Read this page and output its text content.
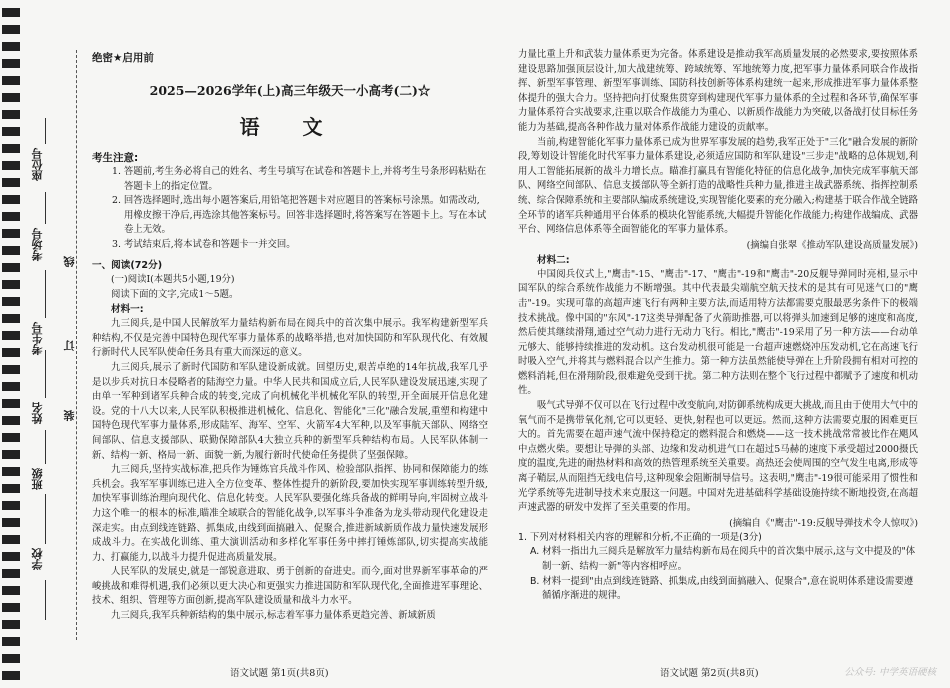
座位号
考场号
考生号
姓名
班级
学校
线
订
装
绝密★启用前
2025—2026学年(上)高三年级天一小高考(二)☆
语 文
考生注意:
1. 答题前,考生务必将自己的姓名、考生号填写在试卷和答题卡上,并将考生号条形码粘贴在答题卡上的指定位置。
2. 回答选择题时,选出每小题答案后,用铅笔把答题卡对应题目的答案标号涂黑。如需改动,用橡皮擦干净后,再选涂其他答案标号。回答非选择题时,将答案写在答题卡上。写在本试卷上无效。
3. 考试结束后,将本试卷和答题卡一并交回。
一、阅读(72分)
(一)阅读Ⅰ(本题共5小题,19分)
阅读下面的文字,完成1～5题。
材料一:
九三阅兵,是中国人民解放军力量结构新布局在阅兵中的首次集中展示。我军构建新型军兵种结构,不仅是完善中国特色现代军事力量体系的战略举措,也对加快国防和军队现代化、有效履行新时代人民军队使命任务具有重大而深远的意义。
九三阅兵,展示了新时代国防和军队建设新成就。回望历史,艰苦卓绝的14年抗战,我军几乎是以步兵对抗日本侵略者的陆海空力量。中华人民共和国成立后,人民军队建设发展迅速,实现了由单一军种到诸军兵种合成的转变,完成了向机械化半机械化军队的转型,开全面展开信息化建设。党的十八大以来,人民军队积极推进机械化、信息化、智能化"三化"融合发展,重塑和构建中国特色现代军事力量体系,形成陆军、海军、空军、火箭军4大军种,以及军事航天部队、网络空间部队、信息支援部队、联勤保障部队4大独立兵种的新型军兵种结构布局。人民军队体制一新、结构一新、格局一新、面貌一新,为履行新时代使命任务提供了坚强保障。
九三阅兵,坚持实战标准,把兵作为锤炼官兵战斗作风、检验部队指挥、协同和保障能力的练兵机会。我军军事训练已进入全方位变革、整体性提升的新阶段,要加快实现军事训练转型升级,加快军事训练治理向现代化、信息化转变。人民军队要强化练兵备战的鲜明导向,牢固树立战斗力这个唯一的根本的标准,瞄准全域联合的智能化战争,以军事斗争准备为龙头带动现代化建设走深走实。由点到线连链路、抓集成,由线到面搞融入、促聚合,推进新域新质作战力量快速发展形成战斗力。在实战化训练、重大演训活动和多样化军事任务中摔打锤炼部队,切实提高实战能力、打赢能力,以战斗力提升促进高质量发展。
人民军队的发展史,就是一部锐意进取、勇于创新的奋进史。而今,面对世界新军事革命的严峻挑战和难得机遇,我们必须以更大决心和更强实力推进国防和军队现代化,全面推进军事理论、技术、组织、管理等方面创新,提高军队建设质量和战斗力水平。
九三阅兵,我军兵种新结构的集中展示,标志着军事力量体系更趋完善、新域新质
语文试题 第1页(共8页)
力量比重上升和武装力量体系更为完备。体系建设是推动我军高质量发展的必然要求,要按照体系建设思路加强顶层设计,加大战建统筹、跨域统筹、军地统筹力度,把军事力量体系同联合作战指挥、新型军事管理、新型军事训练、国防科技创新等体系构建统一起来,形成推进军事力量体系整体提升的强大合力。坚持把向打仗聚焦贯穿到构建现代军事力量体系的全过程和各环节,确保军事力量体系符合实战要求,注重以联合作战能力为重心、以新质作战能力为突破,以备战打仗目标任务能力为基础,提高各种作战力量对体系作战能力建设的贡献率。
当前,构建智能化军事力量体系已成为世界军事发展的趋势,我军正处于"三化"融合发展的新阶段,筹划设计智能化时代军事力量体系建设,必须适应国防和军队建设"三步走"战略的总体规划,利用人工智能拓展新的战斗力增长点。瞄准打赢具有智能化特征的信息化战争,加快完成军事航天部队、网络空间部队、信息支援部队等全新打造的战略性兵种力量,推进主战武器系统、指挥控制系统、综合保障系统和主要部队编成系统建设,实现智能化要素的充分融入;构建基于联合作战全链路全环节的诸军兵种通用平台体系的模块化智能系统,大幅提升智能化作战能力;构建作战编成、武器平台、网络信息体系等全面智能化的军事力量体系。
(摘编自张翠《推动军队建设高质量发展》)
材料二:
中国阅兵仪式上,"鹰击"-15、"鹰击"-17、"鹰击"-19和"鹰击"-20反舰导弹同时亮相,显示中国军队的综合系统作战能力不断增强。其中代表最尖端航空航天技术的是其有可见迷气口的"鹰击"-19。实现可靠的高超声速飞行有两种主要方法,而适用特方法都需要克服最恶劣条件下的极端技术挑战。像中国的"东风"-17这类导弹配备了火箭助推器,可以将弹头加速到足够的速度和高度,然后使其继续滑翔,通过空气动力进行无动力飞行。相比,"鹰击"-19采用了另一种方法——台动单元够大、能够持续推进的发动机。这台发动机很可能是一台超声速燃烧冲压发动机,它在高速飞行时吸入空气,并将其与燃料混合以产生推力。第一种方法虽然能使导弹在上升阶段拥有相对可控的燃料消耗,但在滑翔阶段,很难避免受到干扰。第二种方法则在整个飞行过程中都赋予了速度和机动性。
吸气式导弹不仅可以在飞行过程中改变航向,对防御系统构成更大挑战,而且由于使用大气中的氧气而不是携带氧化剂,它可以更轻、更快,射程也可以更远。然而,这种方法需要克服的困难更巨大的。首先需要在超声速气流中保持稳定的燃料混合和燃烧——这一技术挑战常常被比作在飓风中点燃火柴。要想让导弹的头部、边缘和发动机进气口在超过5马赫的速度下承受超过2000摄氏度的温度,先进的耐热材料和高效的热管理系统至关重要。高热还会使周围的空气发生电离,形成等离子鞘层,从而阻挡无线电信号,这种现象会阻断制导信号。这表明,"鹰击"-19很可能采用了惯性和光学系统等先进制导技术来克服这一问题。中国对先进基础科学基础设施持续不断地投资,在高超声速武器的研发中发挥了至关重要的作用。
(摘编自《"鹰击"-19:反舰导弹技术令人惊叹》)
1. 下列对材料相关内容的理解和分析,不正确的一项是(3分)
A. 材料一指出九三阅兵是解放军力量结构新布局在阅兵中的首次集中展示,这与文中提及的"体制一新、结构一新"等内容相呼应。
B. 材料一提到"由点到线连链路、抓集成,由线到面搞融入、促聚合",意在说明体系建设需要遵循循序渐进的规律。
语文试题 第2页(共8页)	公众号: 中学英语硬核
